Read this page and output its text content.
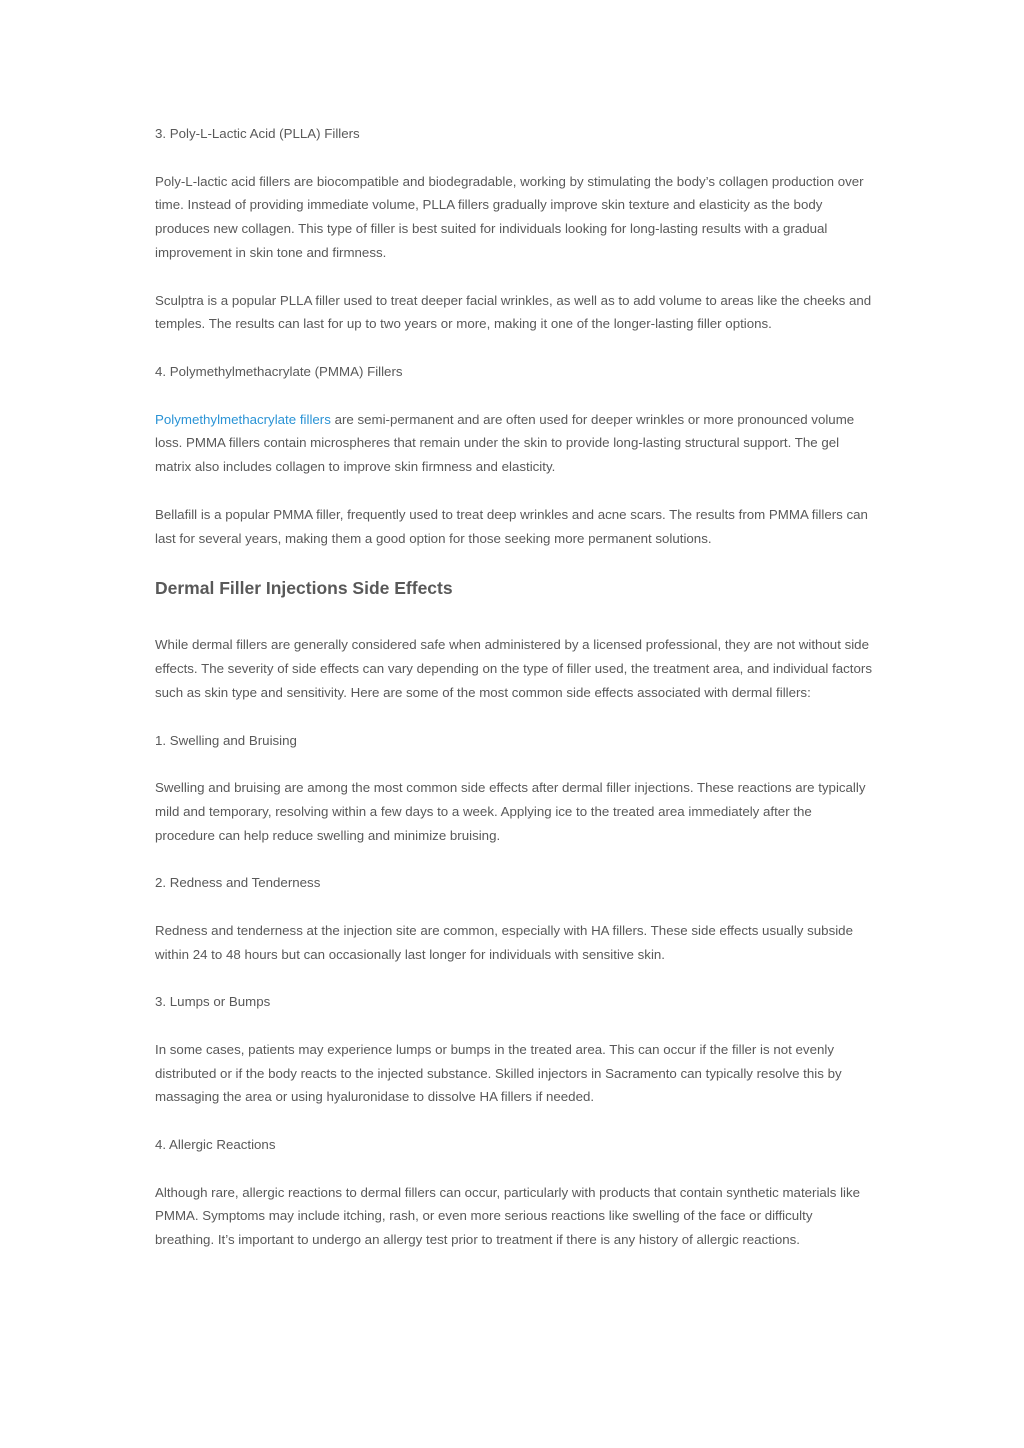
3. Poly-L-Lactic Acid (PLLA) Fillers

Poly-L-lactic acid fillers are biocompatible and biodegradable, working by stimulating the body’s collagen production over time. Instead of providing immediate volume, PLLA fillers gradually improve skin texture and elasticity as the body produces new collagen. This type of filler is best suited for individuals looking for long-lasting results with a gradual improvement in skin tone and firmness.

Sculptra is a popular PLLA filler used to treat deeper facial wrinkles, as well as to add volume to areas like the cheeks and temples. The results can last for up to two years or more, making it one of the longer-lasting filler options.

4. Polymethylmethacrylate (PMMA) Fillers

Polymethylmethacrylate fillers are semi-permanent and are often used for deeper wrinkles or more pronounced volume loss. PMMA fillers contain microspheres that remain under the skin to provide long-lasting structural support. The gel matrix also includes collagen to improve skin firmness and elasticity.

Bellafill is a popular PMMA filler, frequently used to treat deep wrinkles and acne scars. The results from PMMA fillers can last for several years, making them a good option for those seeking more permanent solutions.

Dermal Filler Injections Side Effects

While dermal fillers are generally considered safe when administered by a licensed professional, they are not without side effects. The severity of side effects can vary depending on the type of filler used, the treatment area, and individual factors such as skin type and sensitivity. Here are some of the most common side effects associated with dermal fillers:

1. Swelling and Bruising

Swelling and bruising are among the most common side effects after dermal filler injections. These reactions are typically mild and temporary, resolving within a few days to a week. Applying ice to the treated area immediately after the procedure can help reduce swelling and minimize bruising.

2. Redness and Tenderness

Redness and tenderness at the injection site are common, especially with HA fillers. These side effects usually subside within 24 to 48 hours but can occasionally last longer for individuals with sensitive skin.

3. Lumps or Bumps

In some cases, patients may experience lumps or bumps in the treated area. This can occur if the filler is not evenly distributed or if the body reacts to the injected substance. Skilled injectors in Sacramento can typically resolve this by massaging the area or using hyaluronidase to dissolve HA fillers if needed.

4. Allergic Reactions

Although rare, allergic reactions to dermal fillers can occur, particularly with products that contain synthetic materials like PMMA. Symptoms may include itching, rash, or even more serious reactions like swelling of the face or difficulty breathing. It’s important to undergo an allergy test prior to treatment if there is any history of allergic reactions.
